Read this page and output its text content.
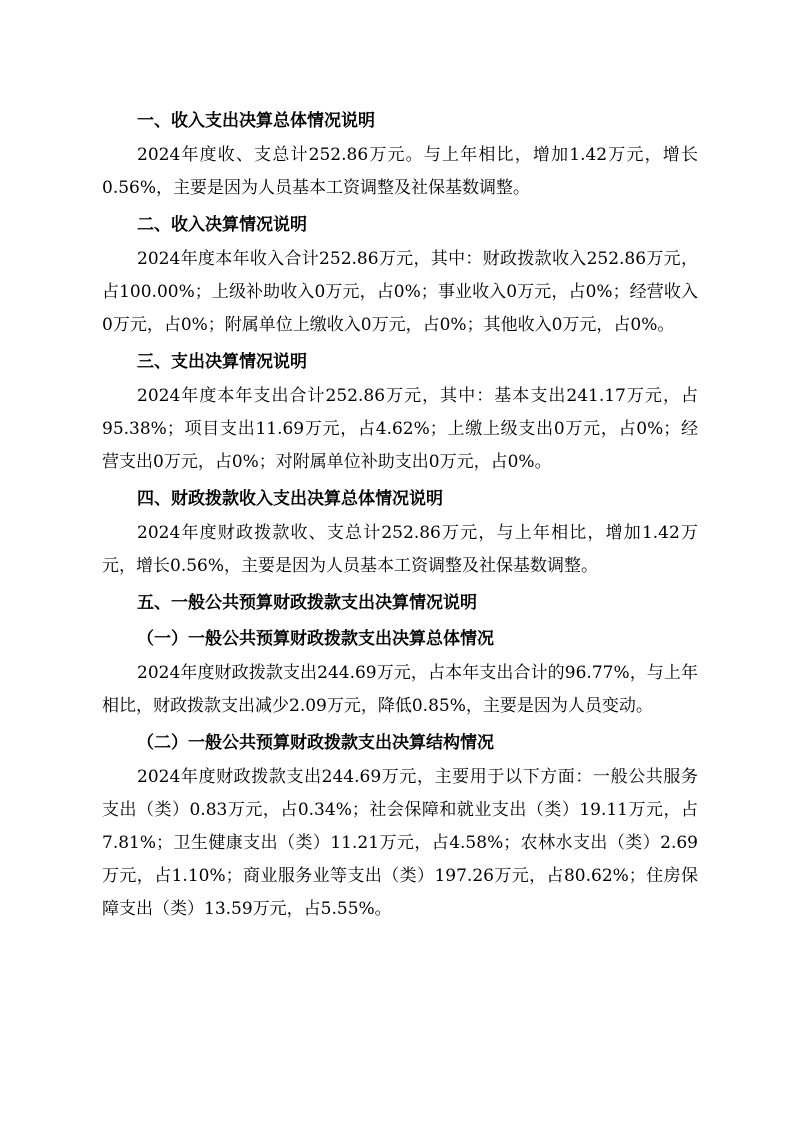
一、收入支出决算总体情况说明

2024年度收、支总计252.86万元。与上年相比，增加1.42万元，增长0.56%，主要是因为人员基本工资调整及社保基数调整。

二、收入决算情况说明

2024年度本年收入合计252.86万元，其中：财政拨款收入252.86万元，占100.00%；上级补助收入0万元，占0%；事业收入0万元，占0%；经营收入0万元，占0%；附属单位上缴收入0万元，占0%；其他收入0万元，占0%。

三、支出决算情况说明

2024年度本年支出合计252.86万元，其中：基本支出241.17万元，占95.38%；项目支出11.69万元，占4.62%；上缴上级支出0万元，占0%；经营支出0万元，占0%；对附属单位补助支出0万元，占0%。

四、财政拨款收入支出决算总体情况说明

2024年度财政拨款收、支总计252.86万元，与上年相比，增加1.42万元，增长0.56%，主要是因为人员基本工资调整及社保基数调整。

五、一般公共预算财政拨款支出决算情况说明
（一）一般公共预算财政拨款支出决算总体情况

2024年度财政拨款支出244.69万元，占本年支出合计的96.77%，与上年相比，财政拨款支出减少2.09万元，降低0.85%，主要是因为人员变动。

（二）一般公共预算财政拨款支出决算结构情况

2024年度财政拨款支出244.69万元，主要用于以下方面：一般公共服务支出（类）0.83万元，占0.34%；社会保障和就业支出（类）19.11万元，占7.81%；卫生健康支出（类）11.21万元，占4.58%；农林水支出（类）2.69万元，占1.10%；商业服务业等支出（类）197.26万元，占80.62%；住房保障支出（类）13.59万元，占5.55%。
